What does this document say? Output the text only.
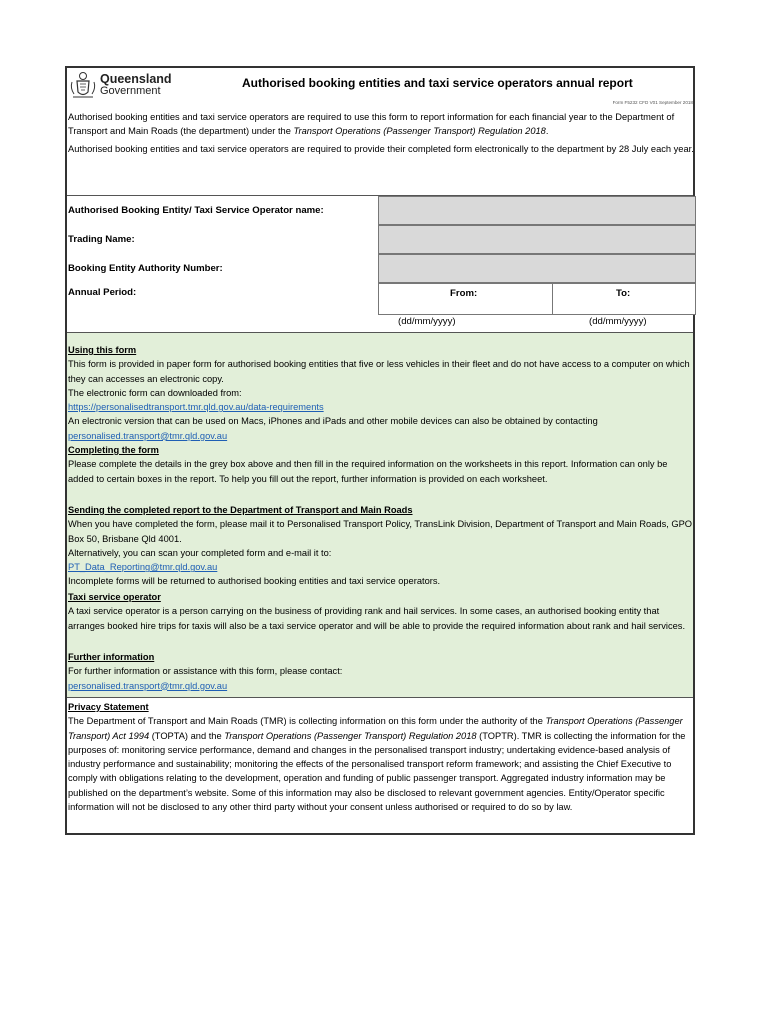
Queensland
Government
Authorised booking entities and taxi service operators annual report
Form F5232 CFD V01 September 2018

Authorised booking entities and taxi service operators are required to use this form to report information for each financial year to the Department of Transport and Main Roads (the department) under the Transport Operations (Passenger Transport) Regulation 2018.

Authorised booking entities and taxi service operators are required to provide their completed form electronically to the department by 28 July each year.

Authorised Booking Entity/ Taxi Service Operator name:
Trading Name:
Booking Entity Authority Number:
Annual Period:	From:	To:
(dd/mm/yyyy)	(dd/mm/yyyy)

Using this form

This form is provided in paper form for authorised booking entities that five or less vehicles in their fleet and do not have access to a computer on which they can accesses an electronic copy.

The electronic form can downloaded from:

https://personalisedtransport.tmr.qld.gov.au/data-requirements

An electronic version that can be used on Macs, iPhones and iPads and other mobile devices can also be obtained by contacting

personalised.transport@tmr.qld.gov.au

Completing the form

Please complete the details in the grey box above and then fill in the required information on the worksheets in this report. Information can only be added to certain boxes in the report. To help you fill out the report, further information is provided on each worksheet.

Sending the completed report to the Department of Transport and Main Roads

When you have completed the form, please mail it to Personalised Transport Policy, TransLink Division, Department of Transport and Main Roads, GPO Box 50, Brisbane Qld 4001.

Alternatively, you can scan your completed form and e-mail it to:

PT_Data_Reporting@tmr.qld.gov.au

Incomplete forms will be returned to authorised booking entities and taxi service operators.

Taxi service operator

A taxi service operator is a person carrying on the business of providing rank and hail services. In some cases, an authorised booking entity that arranges booked hire trips for taxis will also be a taxi service operator and will be able to provide the required information about rank and hail services.

Further information

For further information or assistance with this form, please contact:

personalised.transport@tmr.qld.gov.au

Privacy Statement

The Department of Transport and Main Roads (TMR) is collecting information on this form under the authority of the Transport Operations (Passenger Transport) Act 1994 (TOPTA) and the Transport Operations (Passenger Transport) Regulation 2018 (TOPTR). TMR is collecting the information for the purposes of: monitoring service performance, demand and changes in the personalised transport industry; undertaking evidence-based analysis of industry performance and sustainability; monitoring the effects of the personalised transport reform framework; and assisting the Chief Executive to comply with obligations relating to the development, operation and funding of public passenger transport. Aggregated industry information may be published on the department’s website. Some of this information may also be disclosed to relevant government agencies. Entity/Operator specific information will not be disclosed to any other third party without your consent unless authorised or required to do so by law.
